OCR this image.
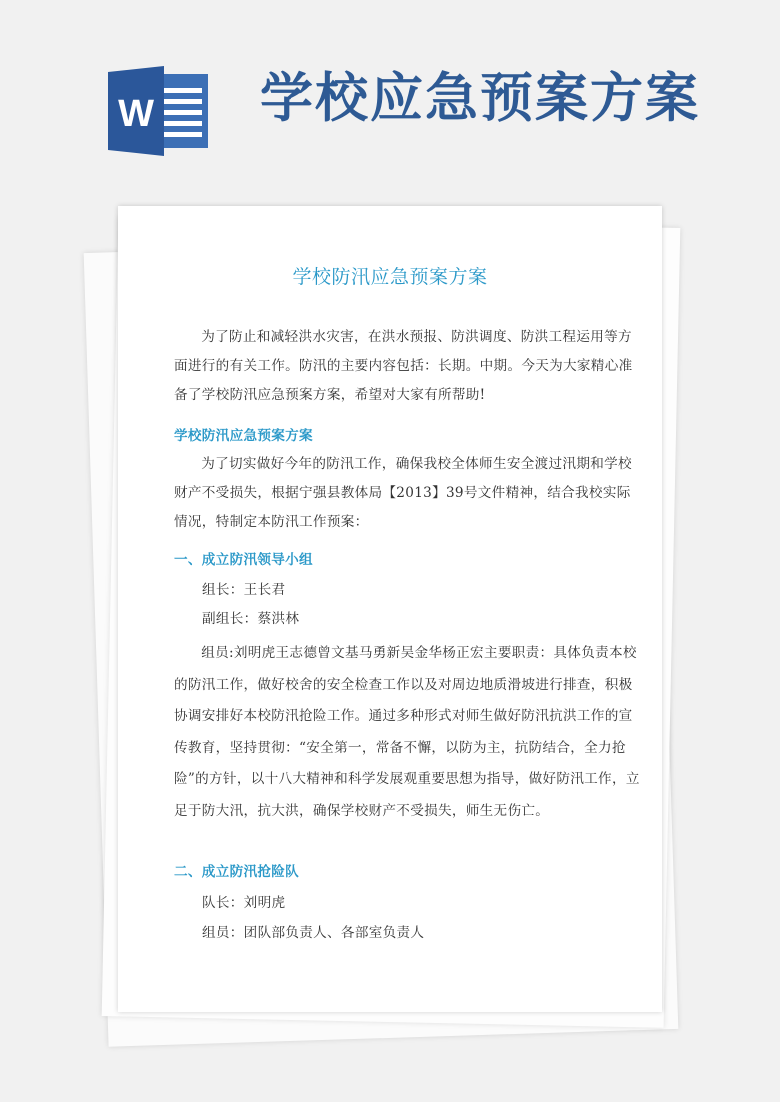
W 学校应急预案方案
学校防汛应急预案方案

为了防止和减轻洪水灾害，在洪水预报、防洪调度、防洪工程运用等方面进行的有关工作。防汛的主要内容包括：长期。中期。今天为大家精心准备了学校防汛应急预案方案，希望对大家有所帮助!

学校防汛应急预案方案

为了切实做好今年的防汛工作，确保我校全体师生安全渡过汛期和学校财产不受损失，根据宁强县教体局【2013】39号文件精神，结合我校实际情况，特制定本防汛工作预案：

一、成立防汛领导小组
组长：王长君
副组长：蔡洪林

组员:刘明虎王志德曾文基马勇新吴金华杨正宏主要职责：具体负责本校的防汛工作，做好校舍的安全检查工作以及对周边地质滑坡进行排查，积极协调安排好本校防汛抢险工作。通过多种形式对师生做好防汛抗洪工作的宣传教育，坚持贯彻：“安全第一，常备不懈，以防为主，抗防结合，全力抢险”的方针，以十八大精神和科学发展观重要思想为指导，做好防汛工作，立足于防大汛，抗大洪，确保学校财产不受损失，师生无伤亡。

二、成立防汛抢险队
队长：刘明虎
组员：团队部负责人、各部室负责人
